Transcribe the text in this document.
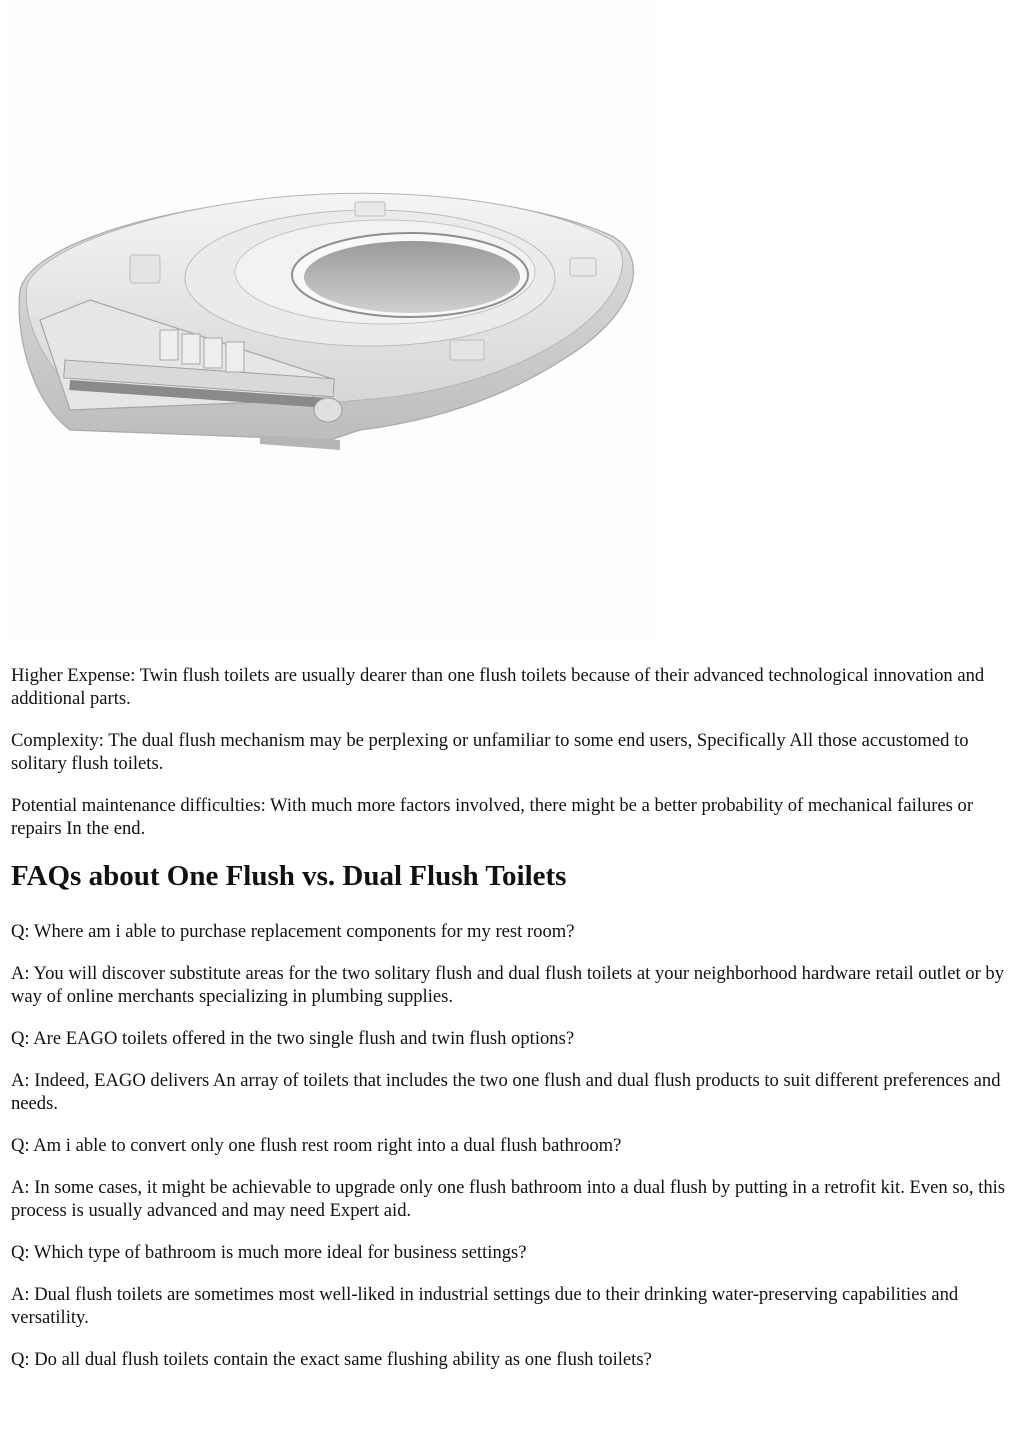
Higher Expense: Twin flush toilets are usually dearer than one flush toilets because of their advanced technological innovation and additional parts.

Complexity: The dual flush mechanism may be perplexing or unfamiliar to some end users, Specifically All those accustomed to solitary flush toilets.

Potential maintenance difficulties: With much more factors involved, there might be a better probability of mechanical failures or repairs In the end.

FAQs about One Flush vs. Dual Flush Toilets

Q: Where am i able to purchase replacement components for my rest room?

A: You will discover substitute areas for the two solitary flush and dual flush toilets at your neighborhood hardware retail outlet or by way of online merchants specializing in plumbing supplies.

Q: Are EAGO toilets offered in the two single flush and twin flush options?

A: Indeed, EAGO delivers An array of toilets that includes the two one flush and dual flush products to suit different preferences and needs.

Q: Am i able to convert only one flush rest room right into a dual flush bathroom?

A: In some cases, it might be achievable to upgrade only one flush bathroom into a dual flush by putting in a retrofit kit. Even so, this process is usually advanced and may need Expert aid.

Q: Which type of bathroom is much more ideal for business settings?

A: Dual flush toilets are sometimes most well-liked in industrial settings due to their drinking water-preserving capabilities and versatility.

Q: Do all dual flush toilets contain the exact same flushing ability as one flush toilets?
